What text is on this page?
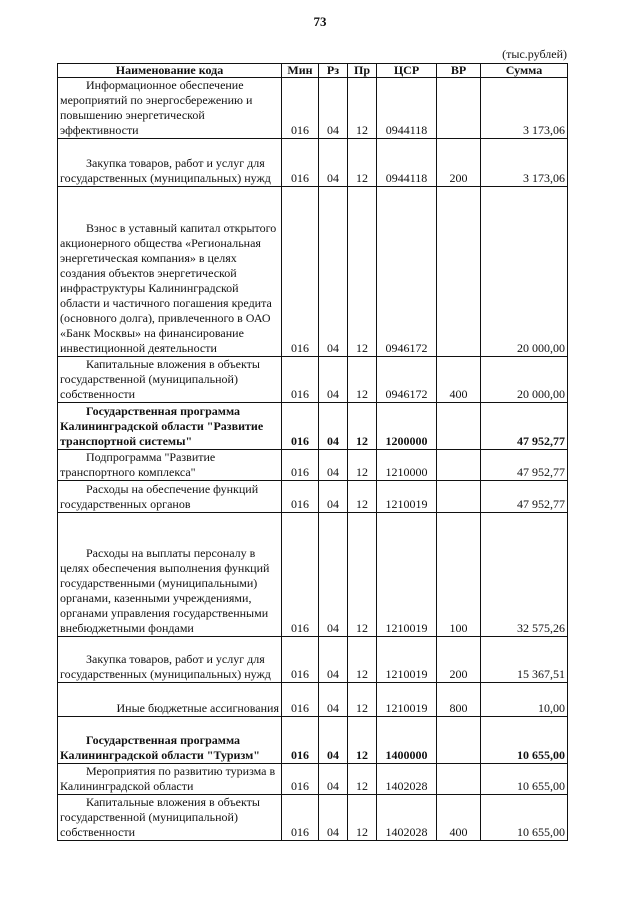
73
(тыс.рублей)
Наименование кода	Мин	Рз	Пр	ЦСР	ВР	Сумма
Информационное обеспечение мероприятий по энергосбережению и повышению энергетической эффективности	016	04	12	0944118		3 173,06
Закупка товаров, работ и услуг для государственных (муниципальных) нужд	016	04	12	0944118	200	3 173,06
Взнос в уставный капитал открытого акционерного общества «Региональная энергетическая компания» в целях создания объектов энергетической инфраструктуры Калининградской области и частичного погашения кредита (основного долга), привлеченного в ОАО «Банк Москвы» на финансирование инвестиционной деятельности	016	04	12	0946172		20 000,00
Капитальные вложения в объекты государственной (муниципальной) собственности	016	04	12	0946172	400	20 000,00
Государственная программа Калининградской области "Развитие транспортной системы"	016	04	12	1200000		47 952,77
Подпрограмма "Развитие транспортного комплекса"	016	04	12	1210000		47 952,77
Расходы на обеспечение функций государственных органов	016	04	12	1210019		47 952,77
Расходы на выплаты персоналу в целях обеспечения выполнения функций государственными (муниципальными) органами, казенными учреждениями, органами управления государственными внебюджетными фондами	016	04	12	1210019	100	32 575,26
Закупка товаров, работ и услуг для государственных (муниципальных) нужд	016	04	12	1210019	200	15 367,51
Иные бюджетные ассигнования	016	04	12	1210019	800	10,00
Государственная программа Калининградской области "Туризм"	016	04	12	1400000		10 655,00
Мероприятия по развитию туризма в Калининградской области	016	04	12	1402028		10 655,00
Капитальные вложения в объекты государственной (муниципальной) собственности	016	04	12	1402028	400	10 655,00
